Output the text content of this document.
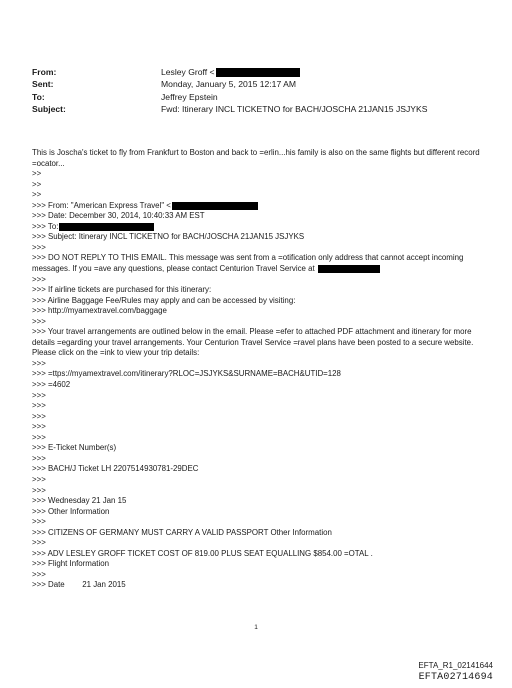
From:	Lesley Groff <
Sent:	Monday, January 5, 2015 12:17 AM
To:	Jeffrey Epstein
Subject:	Fwd: Itinerary INCL TICKETNO for BACH/JOSCHA 21JAN15 JSJYKS
This is Joscha's ticket to fly from Frankfurt to Boston and back to =erlin...his family is also on the same flights but different record =ocator...
>>
>>
>>
>>> From: "American Express Travel" <
>>> Date: December 30, 2014, 10:40:33 AM EST
>>> To:
>>> Subject: Itinerary INCL TICKETNO for BACH/JOSCHA 21JAN15 JSJYKS
>>>
>>> DO NOT REPLY TO THIS EMAIL. This message was sent from a =otification only address that cannot accept incoming messages. If you =ave any questions, please contact Centurion Travel Service at
>>>
>>> If airline tickets are purchased for this itinerary:
>>> Airline Baggage Fee/Rules may apply and can be accessed by visiting:
>>> http://myamextravel.com/baggage
>>>
>>> Your travel arrangements are outlined below in the email. Please =efer to attached PDF attachment and itinerary for more details =egarding your travel arrangements. Your Centurion Travel Service =ravel plans have been posted to a secure website. Please click on the =ink to view your trip details:
>>>
>>> =ttps://myamextravel.com/itinerary?RLOC=JSJYKS&SURNAME=BACH&UTID=128
>>> =4602
>>>
>>>
>>>
>>>
>>>
>>> E-Ticket Number(s)
>>>
>>> BACH/J Ticket LH 2207514930781-29DEC
>>>
>>>
>>> Wednesday 21 Jan 15
>>> Other Information
>>>
>>> CITIZENS OF GERMANY MUST CARRY A VALID PASSPORT Other Information
>>>
>>> ADV LESLEY GROFF TICKET COST OF 819.00 PLUS SEAT EQUALLING $854.00 =OTAL .
>>> Flight Information
>>>
>>> Date        21 Jan 2015
1
EFTA_R1_02141644
EFTA02714694
